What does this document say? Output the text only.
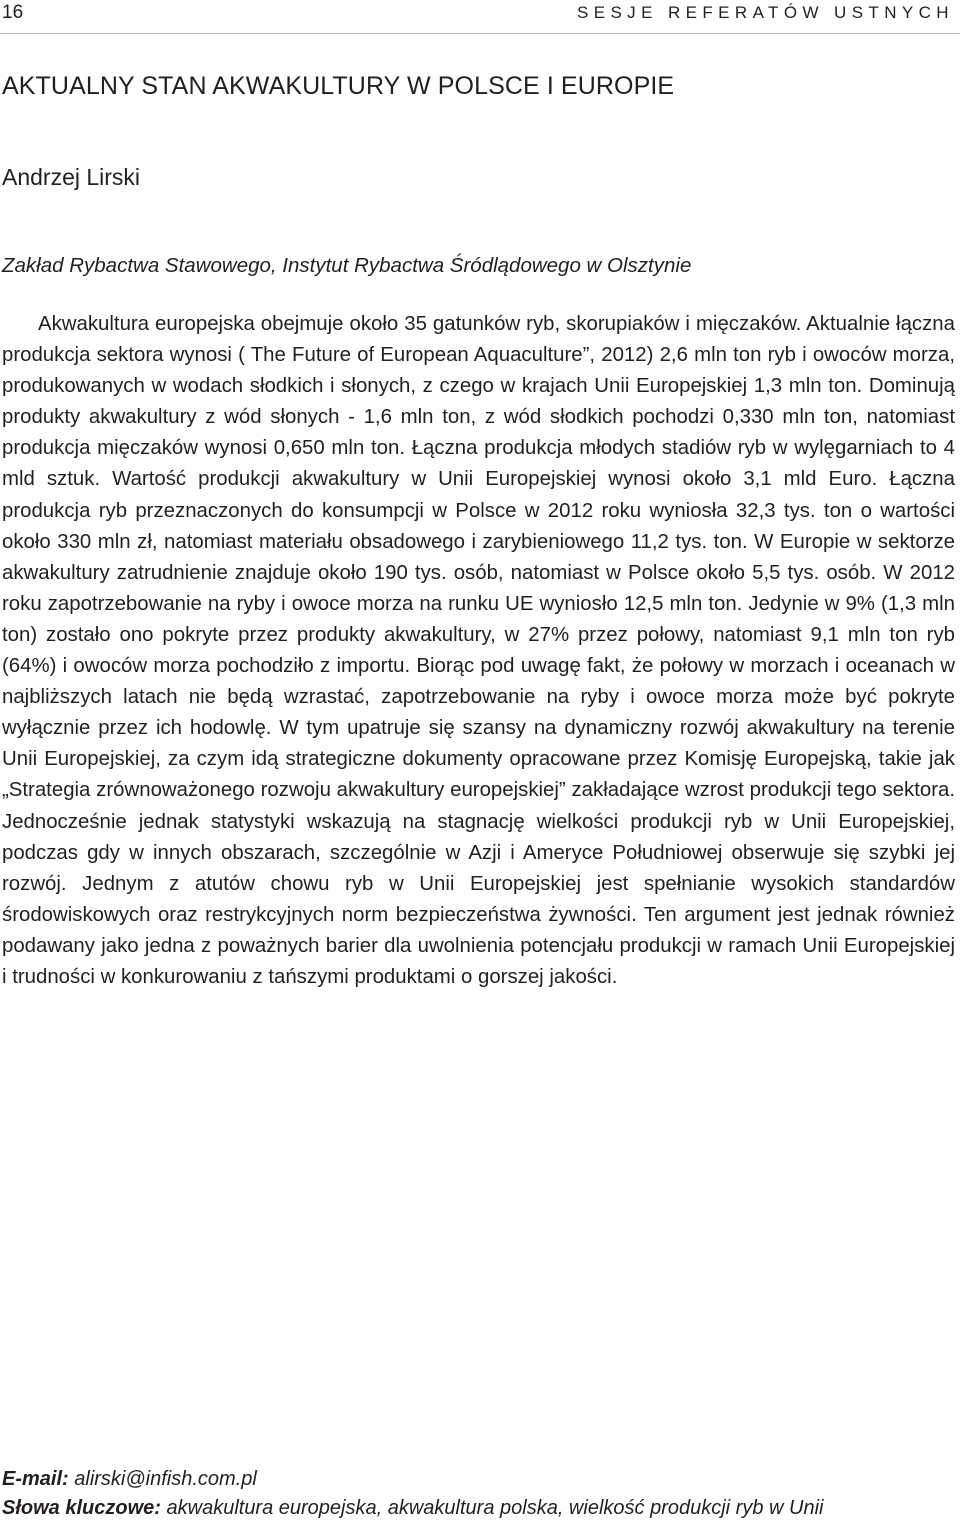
16	SESJE REFERATÓW USTNYCH
AKTUALNY STAN AKWAKULTURY W POLSCE I EUROPIE
Andrzej Lirski
Zakład Rybactwa Stawowego, Instytut Rybactwa Śródlądowego w Olsztynie

Akwakultura europejska obejmuje około 35 gatunków ryb, skorupiaków i mięczaków. Aktualnie łączna produkcja sektora wynosi ( The Future of European Aquaculture”, 2012) 2,6 mln ton ryb i owoców morza, produkowanych w wodach słodkich i słonych, z czego w krajach Unii Europejskiej 1,3 mln ton. Dominują produkty akwakultury z wód słonych - 1,6 mln ton, z wód słodkich pochodzi 0,330 mln ton, natomiast produkcja mięczaków wynosi 0,650 mln ton. Łączna produkcja młodych stadiów ryb w wylęgarniach to 4 mld sztuk. Wartość produkcji akwakultury w Unii Europejskiej wynosi około 3,1 mld Euro. Łączna produkcja ryb przeznaczonych do konsumpcji w Polsce w 2012 roku wyniosła 32,3 tys. ton o wartości około 330 mln zł, natomiast materiału obsadowego i zarybieniowego 11,2 tys. ton. W Europie w sektorze akwakultury zatrudnienie znajduje około 190 tys. osób, natomiast w Polsce około 5,5 tys. osób. W 2012 roku zapotrzebowanie na ryby i owoce morza na runku UE wyniosło 12,5 mln ton. Jedynie w 9% (1,3 mln ton) zostało ono pokryte przez produkty akwakultury, w 27% przez połowy, natomiast 9,1 mln ton ryb (64%) i owoców morza pochodziło z importu. Biorąc pod uwagę fakt, że połowy w morzach i oceanach w najbliższych latach nie będą wzrastać, zapotrzebowanie na ryby i owoce morza może być pokryte wyłącznie przez ich hodowlę. W tym upatruje się szansy na dynamiczny rozwój akwakultury na terenie Unii Europejskiej, za czym idą strategiczne dokumenty opracowane przez Komisję Europejską, takie jak „Strategia zrównoważonego rozwoju akwakultury europejskiej” zakładające wzrost produkcji tego sektora. Jednocześnie jednak statystyki wskazują na stagnację wielkości produkcji ryb w Unii Europejskiej, podczas gdy w innych obszarach, szczególnie w Azji i Ameryce Południowej obserwuje się szybki jej rozwój. Jednym z atutów chowu ryb w Unii Europejskiej jest spełnianie wysokich standardów środowiskowych oraz restrykcyjnych norm bezpieczeństwa żywności. Ten argument jest jednak również podawany jako jedna z poważnych barier dla uwolnienia potencjału produkcji w ramach Unii Europejskiej i trudności w konkurowaniu z tańszymi produktami o gorszej jakości.

E-mail: alirski@infish.com.pl
Słowa kluczowe: akwakultura europejska, akwakultura polska, wielkość produkcji ryb w Unii
